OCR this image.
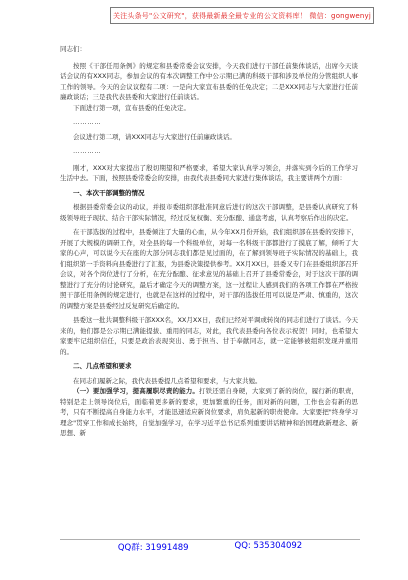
关注头条号"公文研究"，获得最新最全最专业的公文资料库！ 微信：gongwenyj

同志们：

按照《干部任用条例》的规定和县委常委会议安排，今天我们进行干部任前集体谈话，出席今天谈话会议的有XXX同志，参加会议的有本次调整工作中公示期已满的科级干部和涉及单位的分管组织人事工作的领导。今天的会议议程有二项：一是向大家宣布县委的任免决定；二是XXX同志与大家进行任前廉政谈话；三是我代表县委和大家进行任前谈话。

下面进行第一项，宣布县委的任免决定。

…………

会议进行第二项，请XXX同志与大家进行任前廉政谈话。

…………

刚才，XXX对大家提出了殷切期望和严格要求，希望大家认真学习领会，并落实到今后的工作学习生活中去。下面，按照县委常委会的安排，由我代表县委同大家进行集体谈话，我主要讲两个方面：

一、本次干部调整的情况

根据县委常委会议的动议，并报市委组织部批准同意后进行的这次干部调整，是县委认真研究了科级领导班子现状、结合干部实际情况，经过反复权衡、充分酝酿、通盘考虑，认真考察后作出的决定。

在干部选拔的过程中，县委倾注了大量的心血，从今年XX月份开始，我们组织部在县委的安排下，开展了大规模的调研工作，对全县的每一个科级单位，对每一名科级干部都进行了摸底了解，倾听了大家的心声，可以说今天在座的大部分同志我们都是见过面的，在了解到领导班子实际情况的基础上，我们组织第一手资料向县委进行了汇报，为县委决策提供参考。XX月XX日，县委又专门在县委组织部召开会议，对各个岗位进行了分析，在充分酝酿、征求意见的基础上召开了县委常委会，对于这次干部的调整进行了充分的讨论研究，最后才确定今天的调整方案，这一过程让人感到我们的各项工作都在严格按照干部任用条例的规定进行，也就是在这样的过程中，对干部的选拔任用可以说是严肃、慎重的，这次的调整方案是县委经过反复研究后确定的。

县委这一批共调整科级干部XXX名，XX月XX日，我们已经对平调或转岗的同志们进行了谈话。今天来的，他们都是公示期已满能提拔、重用的同志，对此，我代表县委向各位表示祝贺！同时，也希望大家要牢记组织信任，只要是政治表现突出、勇于担当、甘于奉献同志，就一定能够被组织发现并重用的。

二、几点希望和要求

在同志们履新之际，我代表县委提几点希望和要求，与大家共勉。

（一）要加强学习，提高履职尽责的能力。打铁还需自身硬，大家到了新的岗位，履行新的职责，特别是走上领导岗位后，面临着更多新的要求，更加繁重的任务，面对新的问题，工作也会有新的思考，只有不断提高自身能力水平，才能迅速适应新岗位要求，肩负起新的职责使命。大家要把"终身学习理念"贯穿工作和成长始终，自觉加强学习，在学习近平总书记系列重要讲话精神和治国理政新理念、新思想、新

QQ群: 31991489	QQ: 535304092
